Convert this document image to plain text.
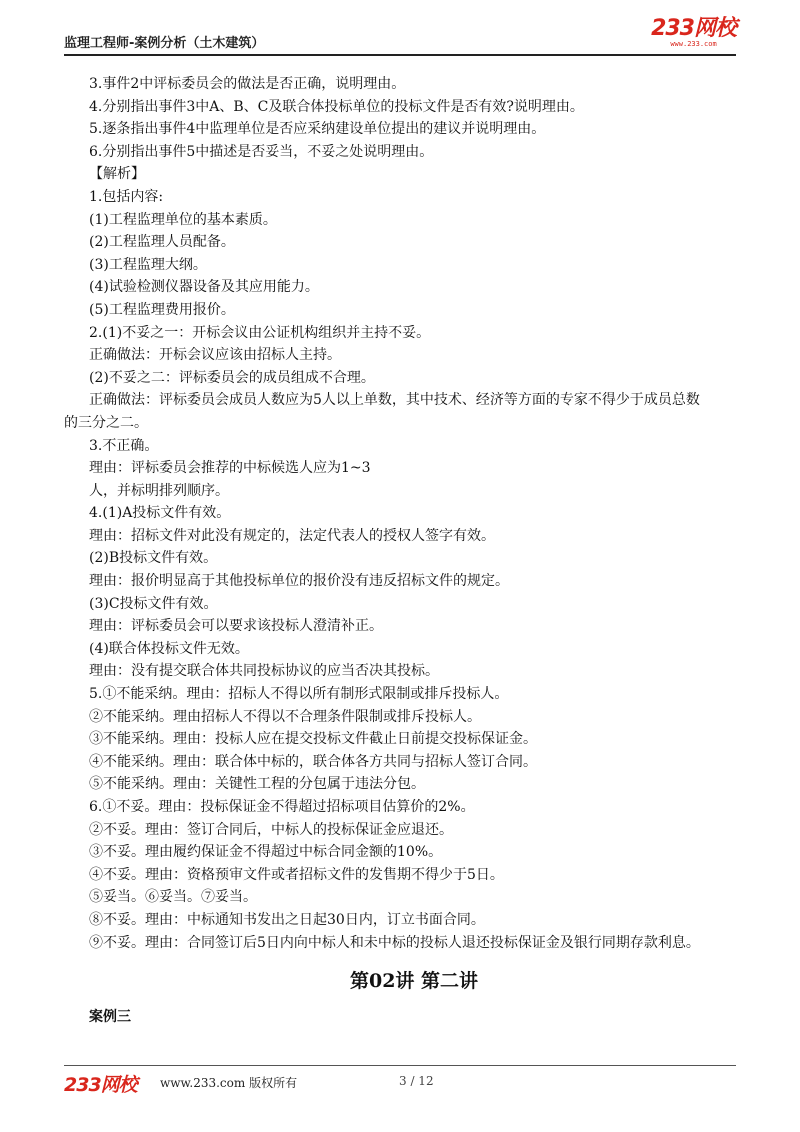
监理工程师-案例分析（土木建筑）
233网校
www.233.com
3.事件2中评标委员会的做法是否正确，说明理由。
4.分别指出事件3中A、B、C及联合体投标单位的投标文件是否有效?说明理由。
5.逐条指出事件4中监理单位是否应采纳建设单位提出的建议并说明理由。
6.分别指出事件5中描述是否妥当，不妥之处说明理由。
【解析】
1.包括内容:
(1)工程监理单位的基本素质。
(2)工程监理人员配备。
(3)工程监理大纲。
(4)试验检测仪器设备及其应用能力。
(5)工程监理费用报价。
2.(1)不妥之一：开标会议由公证机构组织并主持不妥。
正确做法：开标会议应该由招标人主持。
(2)不妥之二：评标委员会的成员组成不合理。
正确做法：评标委员会成员人数应为5人以上单数，其中技术、经济等方面的专家不得少于成员总数
的三分之二。
3.不正确。
理由：评标委员会推荐的中标候选人应为1~3
人，并标明排列顺序。
4.(1)A投标文件有效。
理由：招标文件对此没有规定的，法定代表人的授权人签字有效。
(2)B投标文件有效。
理由：报价明显高于其他投标单位的报价没有违反招标文件的规定。
(3)C投标文件有效。
理由：评标委员会可以要求该投标人澄清补正。
(4)联合体投标文件无效。
理由：没有提交联合体共同投标协议的应当否决其投标。
5.①不能采纳。理由：招标人不得以所有制形式限制或排斥投标人。
②不能采纳。理由招标人不得以不合理条件限制或排斥投标人。
③不能采纳。理由：投标人应在提交投标文件截止日前提交投标保证金。
④不能采纳。理由：联合体中标的，联合体各方共同与招标人签订合同。
⑤不能采纳。理由：关键性工程的分包属于违法分包。
6.①不妥。理由：投标保证金不得超过招标项目估算价的2%。
②不妥。理由：签订合同后，中标人的投标保证金应退还。
③不妥。理由履约保证金不得超过中标合同金额的10%。
④不妥。理由：资格预审文件或者招标文件的发售期不得少于5日。
⑤妥当。⑥妥当。⑦妥当。
⑧不妥。理由：中标通知书发出之日起30日内，订立书面合同。
⑨不妥。理由：合同签订后5日内向中标人和未中标的投标人退还投标保证金及银行同期存款利息。
第02讲 第二讲
案例三
233网校 www.233.com 版权所有	3 / 12
